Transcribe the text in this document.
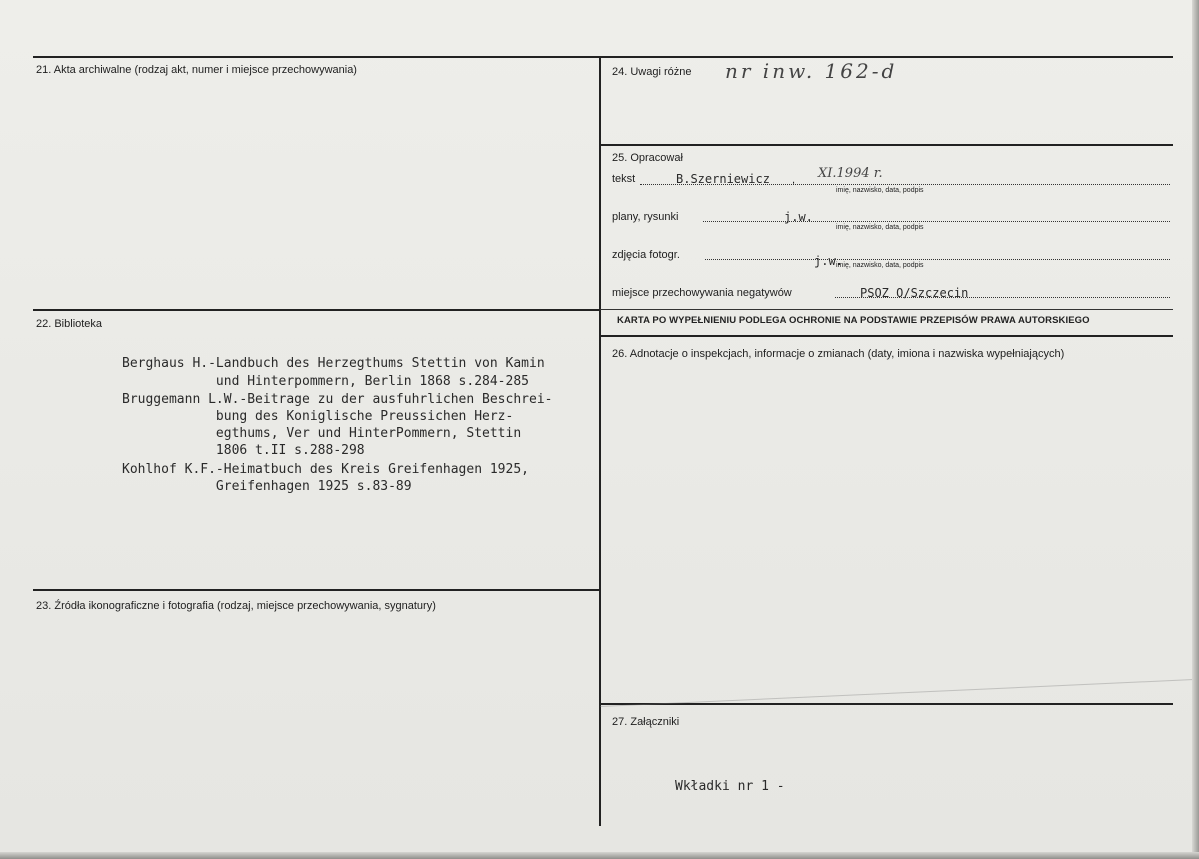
21. Akta archiwalne (rodzaj akt, numer i miejsce przechowywania)
22. Biblioteka
Berghaus H.-Landbuch des Herzegthums Stettin von Kamin
und Hinterpommern, Berlin 1868 s.284-285
Bruggemann L.W.-Beitrage zu der ausfuhrlichen Beschrei-
bung des Koniglische Preussichen Herz-
egthums, Ver und HinterPommern, Stettin
1806 t.II s.288-298
Kohlhof K.F.-Heimatbuch des Kreis Greifenhagen 1925,
Greifenhagen 1925 s.83-89
23. Źródła ikonograficzne i fotografia (rodzaj, miejsce przechowywania, sygnatury)
24. Uwagi różne nr inw. 162-d
25. Opracował
tekst	B.Szerniewicz , XI.1994 r.
imię, nazwisko, data, podpis
plany, rysunki	j.w.
imię, nazwisko, data, podpis
zdjęcia fotogr.	j.w.
imię, nazwisko, data, podpis
miejsce przechowywania negatywów	PSOZ O/Szczecin
KARTA PO WYPEŁNIENIU PODLEGA OCHRONIE NA PODSTAWIE PRZEPISÓW PRAWA AUTORSKIEGO
26. Adnotacje o inspekcjach, informacje o zmianach (daty, imiona i nazwiska wypełniających)
27. Załączniki
Wkładki nr 1 -
